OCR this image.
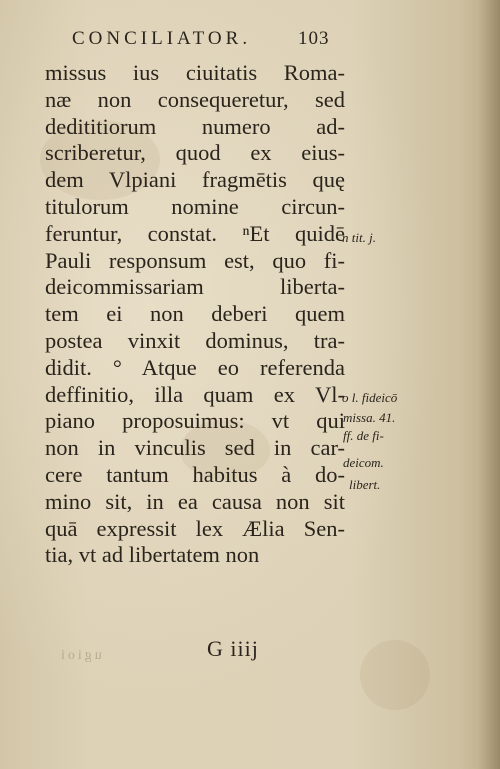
CONCILIATOR. 103
missus ius ciuitatis Roma-
næ non consequeretur, sed
dedititiorum numero ad-
scriberetur, quod ex eius-
dem Vlpiani fragmētis quę
titulorum nomine circun-
feruntur, constat. ⁿEt quidē
Pauli responsum est, quo fi-
deicommissariam liberta-
tem ei non deberi quem
postea vinxit dominus, tra-
didit. ° Atque eo referenda
deffinitio, illa quam ex Vl-
piano proposuimus: vt qui
non in vinculis sed in car-
cere tantum habitus à do-
mino sit, in ea causa non sit
quā expressit lex Ælia Sen-
tia, vt ad libertatem non
n tit. j.
o l. fideicō
missa. 41.
ff. de fi-
deicom.
libert.
ugioi	G iiij
